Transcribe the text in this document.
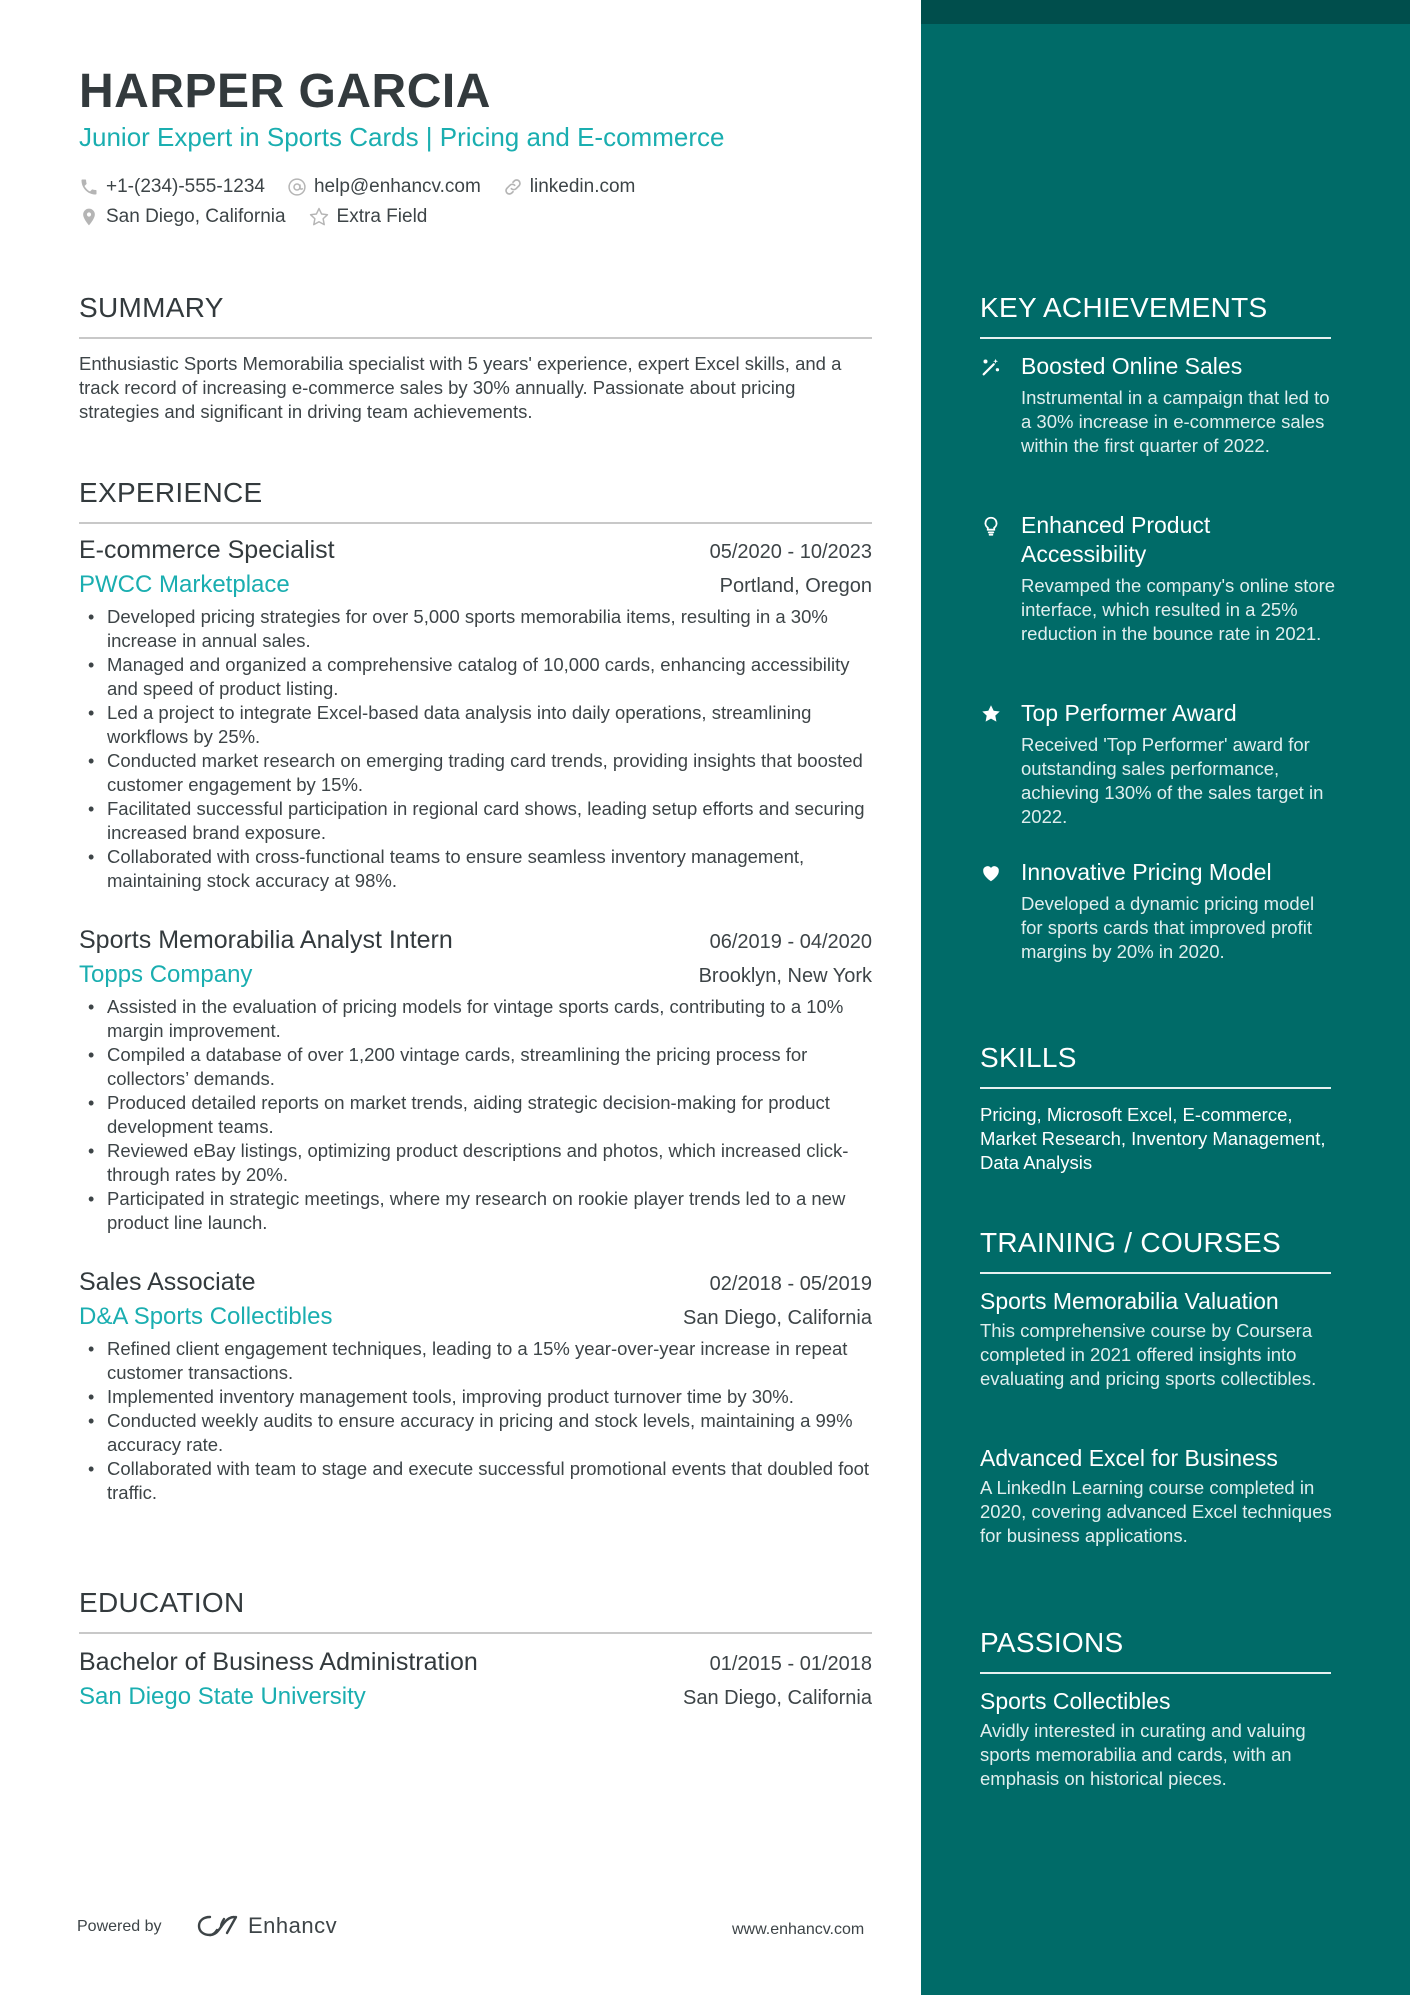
HARPER GARCIA
Junior Expert in Sports Cards | Pricing and E-commerce
+1-(234)-555-1234	help@enhancv.com	linkedin.com
San Diego, California	Extra Field
SUMMARY
Enthusiastic Sports Memorabilia specialist with 5 years' experience, expert Excel skills, and a track record of increasing e-commerce sales by 30% annually. Passionate about pricing strategies and significant in driving team achievements.
EXPERIENCE
E-commerce Specialist	05/2020 - 10/2023
PWCC Marketplace	Portland, Oregon
• Developed pricing strategies for over 5,000 sports memorabilia items, resulting in a 30% increase in annual sales.
• Managed and organized a comprehensive catalog of 10,000 cards, enhancing accessibility and speed of product listing.
• Led a project to integrate Excel-based data analysis into daily operations, streamlining workflows by 25%.
• Conducted market research on emerging trading card trends, providing insights that boosted customer engagement by 15%.
• Facilitated successful participation in regional card shows, leading setup efforts and securing increased brand exposure.
• Collaborated with cross-functional teams to ensure seamless inventory management, maintaining stock accuracy at 98%.
Sports Memorabilia Analyst Intern	06/2019 - 04/2020
Topps Company	Brooklyn, New York
• Assisted in the evaluation of pricing models for vintage sports cards, contributing to a 10% margin improvement.
• Compiled a database of over 1,200 vintage cards, streamlining the pricing process for collectors’ demands.
• Produced detailed reports on market trends, aiding strategic decision-making for product development teams.
• Reviewed eBay listings, optimizing product descriptions and photos, which increased click-through rates by 20%.
• Participated in strategic meetings, where my research on rookie player trends led to a new product line launch.
Sales Associate	02/2018 - 05/2019
D&A Sports Collectibles	San Diego, California
• Refined client engagement techniques, leading to a 15% year-over-year increase in repeat customer transactions.
• Implemented inventory management tools, improving product turnover time by 30%.
• Conducted weekly audits to ensure accuracy in pricing and stock levels, maintaining a 99% accuracy rate.
• Collaborated with team to stage and execute successful promotional events that doubled foot traffic.
EDUCATION
Bachelor of Business Administration	01/2015 - 01/2018
San Diego State University	San Diego, California
KEY ACHIEVEMENTS
Boosted Online Sales
Instrumental in a campaign that led to a 30% increase in e-commerce sales within the first quarter of 2022.
Enhanced Product Accessibility
Revamped the company's online store interface, which resulted in a 25% reduction in the bounce rate in 2021.
Top Performer Award
Received 'Top Performer' award for outstanding sales performance, achieving 130% of the sales target in 2022.
Innovative Pricing Model
Developed a dynamic pricing model for sports cards that improved profit margins by 20% in 2020.
SKILLS
Pricing, Microsoft Excel, E-commerce, Market Research, Inventory Management, Data Analysis
TRAINING / COURSES
Sports Memorabilia Valuation
This comprehensive course by Coursera completed in 2021 offered insights into evaluating and pricing sports collectibles.
Advanced Excel for Business
A LinkedIn Learning course completed in 2020, covering advanced Excel techniques for business applications.
PASSIONS
Sports Collectibles
Avidly interested in curating and valuing sports memorabilia and cards, with an emphasis on historical pieces.
Powered by	Enhancv	www.enhancv.com
